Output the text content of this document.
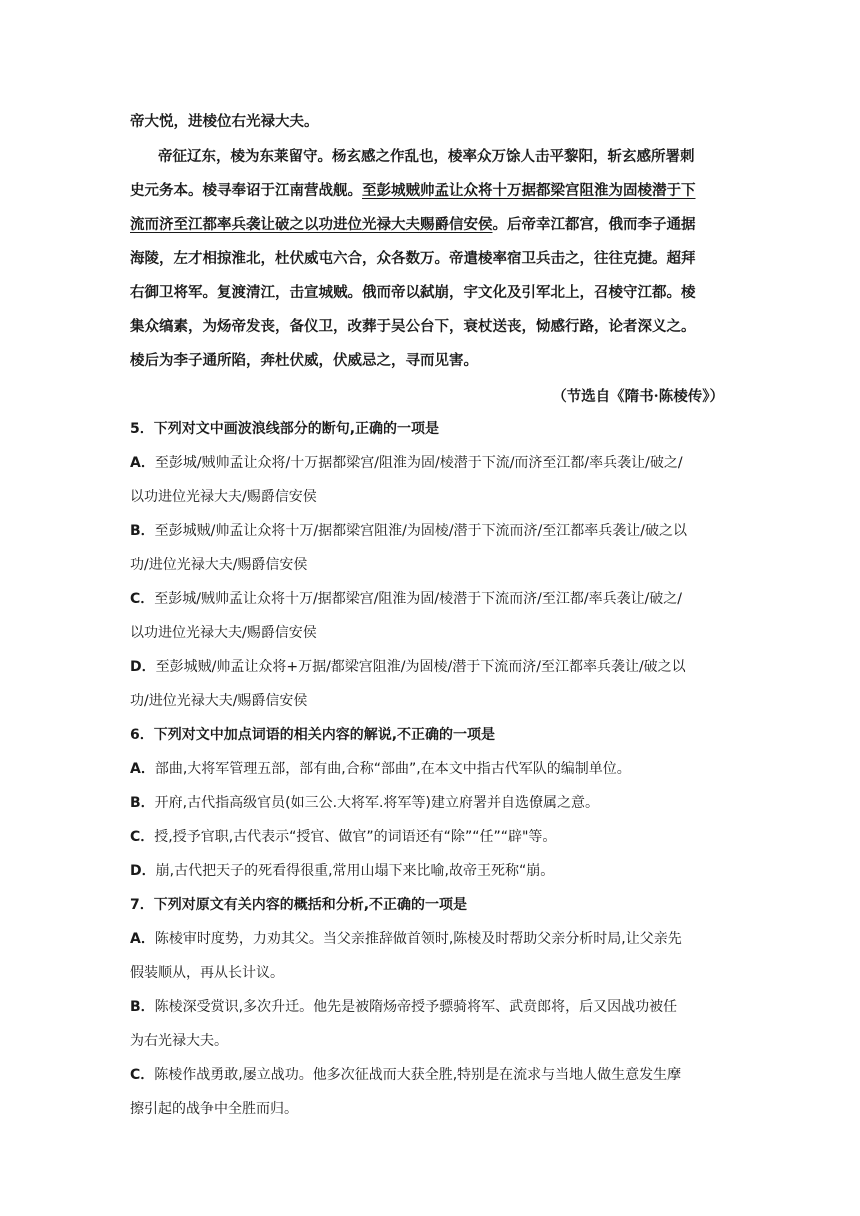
帝大悦，进棱位右光禄大夫。
帝征辽东，棱为东莱留守。杨玄感之作乱也，棱率众万馀人击平黎阳，斩玄感所署刺
史元务本。棱寻奉诏于江南营战舰。至彭城贼帅孟让众将十万据都梁宫阻淮为固棱潜于下
流而济至江都率兵袭让破之以功进位光禄大夫赐爵信安侯。后帝幸江都宫，俄而李子通据
海陵，左才相掠淮北，杜伏威屯六合，众各数万。帝遣棱率宿卫兵击之，往往克捷。超拜
右御卫将军。复渡清江，击宣城贼。俄而帝以弑崩，宇文化及引军北上，召棱守江都。棱
集众缟素，为炀帝发丧，备仪卫，改葬于吴公台下，衰杖送丧，恸感行路，论者深义之。
棱后为李子通所陷，奔杜伏威，伏威忌之，寻而见害。
（节选自《隋书·陈棱传》）
5．下列对文中画波浪线部分的断句,正确的一项是
A．至彭城/贼帅孟让众将/十万据都梁宫/阻淮为固/棱潜于下流/而济至江都/率兵袭让/破之/
以功进位光禄大夫/赐爵信安侯
B．至彭城贼/帅孟让众将十万/据都梁宫阻淮/为固棱/潜于下流而济/至江都率兵袭让/破之以
功/进位光禄大夫/赐爵信安侯
C．至彭城/贼帅孟让众将十万/据都梁宫/阻淮为固/棱潜于下流而济/至江都/率兵袭让/破之/
以功进位光禄大夫/赐爵信安侯
D．至彭城贼/帅孟让众将+万据/都梁宫阻淮/为固棱/潜于下流而济/至江都率兵袭让/破之以
功/进位光禄大夫/赐爵信安侯
6．下列对文中加点词语的相关内容的解说,不正确的一项是
A．部曲,大将军管理五部，部有曲,合称“部曲”,在本文中指古代军队的编制单位。
B．开府,古代指高级官员(如三公.大将军.将军等)建立府署并自选僚属之意。
C．授,授予官职,古代表示“授官、做官”的词语还有“除”“任”“辟"等。
D．崩,古代把天子的死看得很重,常用山塌下来比喻,故帝王死称“崩。
7．下列对原文有关内容的概括和分析,不正确的一项是
A．陈棱审时度势，力劝其父。当父亲推辞做首领时,陈棱及时帮助父亲分析时局,让父亲先
假装顺从，再从长计议。
B．陈棱深受赏识,多次升迁。他先是被隋炀帝授予骠骑将军、武贲郎将，后又因战功被任
为右光禄大夫。
C．陈棱作战勇敢,屡立战功。他多次征战而大获全胜,特别是在流求与当地人做生意发生摩
擦引起的战争中全胜而归。
